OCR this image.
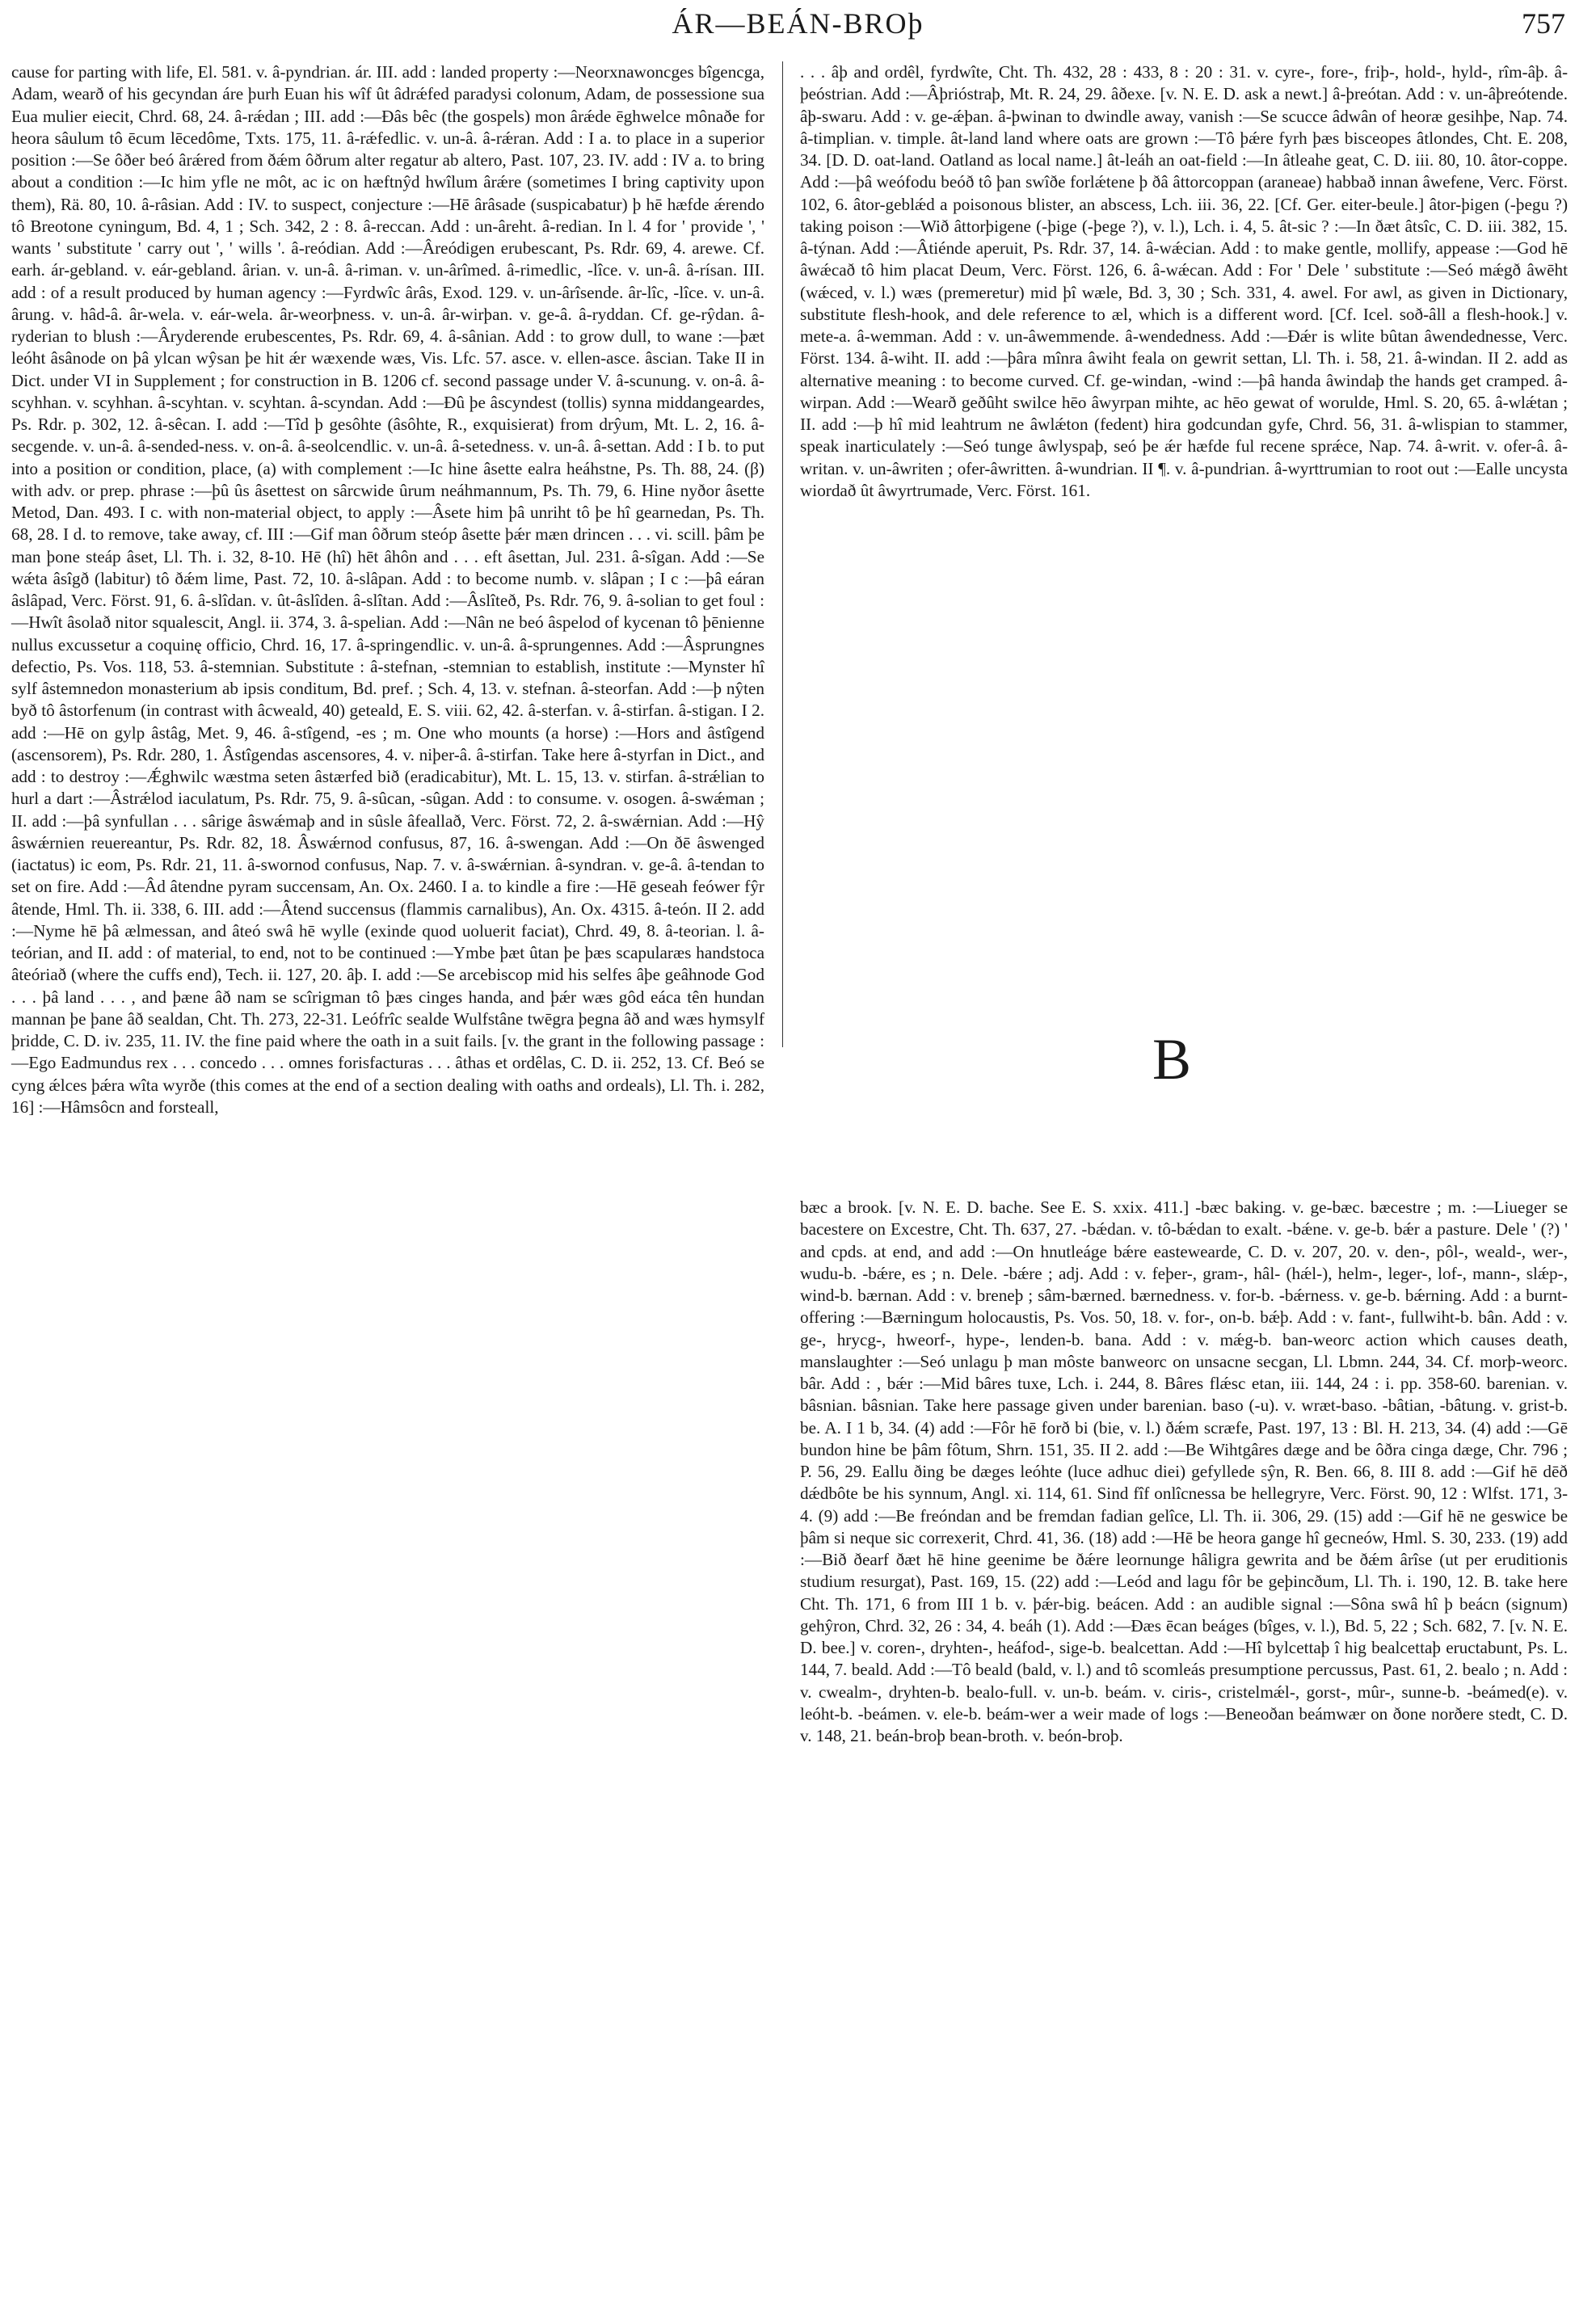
ÁR—BEÁN-BROþ	757

cause for parting with life, El. 581. v. â-pyndrian. ár. III. add : landed property :—Neorxnawoncges bîgencga, Adam, wearð of his gecyndan áre þurh Euan his wîf ût âdrǽfed paradysi colonum, Adam, de possessione sua Eua mulier eiecit, Chrd. 68, 24. â-rǽdan ; III. add :—Ðâs bêc (the gospels) mon ârǽde ēghwelce mônaðe for heora sâulum tô ēcum lēcedôme, Txts. 175, 11. â-rǽfedlic. v. un-â. â-rǽran. Add : I a. to place in a superior position :—Se ôðer beó ârǽred from ðǽm ôðrum alter regatur ab altero, Past. 107, 23. IV. add : IV a. to bring about a condition :—Ic him yfle ne môt, ac ic on hæftnŷd hwîlum ârǽre (sometimes I bring captivity upon them), Rä. 80, 10. â-râsian. Add : IV. to suspect, conjecture :—Hē ârâsade (suspicabatur) þ hē hæfde ǽrendo tô Breotone cyningum, Bd. 4, 1 ; Sch. 342, 2 : 8. â-reccan. Add : un-âreht. â-redian. In l. 4 for ' provide ', ' wants ' substitute ' carry out ', ' wills '. â-reódian. Add :—Âreódigen erubescant, Ps. Rdr. 69, 4. arewe. Cf. earh. ár-gebland. v. eár-gebland. ârian. v. un-â. â-riman. v. un-ârîmed. â-rimedlic, -lîce. v. un-â. â-rísan. III. add : of a result produced by human agency :—Fyrdwîc ârâs, Exod. 129. v. un-ârîsende. âr-lîc, -lîce. v. un-â. ârung. v. hâd-â. âr-wela. v. eár-wela. âr-weorþness. v. un-â. âr-wirþan. v. ge-â. â-ryddan. Cf. ge-rŷdan. â-ryderian to blush :—Âryderende erubescentes, Ps. Rdr. 69, 4. â-sânian. Add : to grow dull, to wane :—þæt leóht âsânode on þâ ylcan wŷsan þe hit ǽr wæxende wæs, Vis. Lfc. 57. asce. v. ellen-asce. âscian. Take II in Dict. under VI in Supplement ; for construction in B. 1206 cf. second passage under V. â-scunung. v. on-â. â-scyhhan. v. scyhhan. â-scyhtan. v. scyhtan. â-scyndan. Add :—Ðû þe âscyndest (tollis) synna middangeardes, Ps. Rdr. p. 302, 12. â-sêcan. I. add :—Tîd þ gesôhte (âsôhte, R., exquisierat) from drŷum, Mt. L. 2, 16. â-secgende. v. un-â. â-sended-ness. v. on-â. â-seolcendlic. v. un-â. â-setedness. v. un-â. â-settan. Add : I b. to put into a position or condition, place, (a) with complement :—Ic hine âsette ealra heáhstne, Ps. Th. 88, 24. (β) with adv. or prep. phrase :—þû ûs âsettest on sârcwide ûrum neáhmannum, Ps. Th. 79, 6. Hine nyðor âsette Metod, Dan. 493. I c. with non-material object, to apply :—Âsete him þâ unriht tô þe hî gearnedan, Ps. Th. 68, 28. I d. to remove, take away, cf. III :—Gif man ôðrum steóp âsette þǽr mæn drincen . . . vi. scill. þâm þe man þone steáp âset, Ll. Th. i. 32, 8-10. Hē (hî) hēt âhôn and . . . eft âsettan, Jul. 231. â-sîgan. Add :—Se wǽta âsîgð (labitur) tô ðǽm lime, Past. 72, 10. â-slâpan. Add : to become numb. v. slâpan ; I c :—þâ eáran âslâpad, Verc. Först. 91, 6. â-slîdan. v. ût-âslîden. â-slîtan. Add :—Âslîteð, Ps. Rdr. 76, 9. â-solian to get foul :—Hwît âsolað nitor squalescit, Angl. ii. 374, 3. â-spelian. Add :—Nân ne beó âspelod of kycenan tô þēnienne nullus excussetur a coquinę officio, Chrd. 16, 17. â-springendlic. v. un-â. â-sprungennes. Add :—Âsprungnes defectio, Ps. Vos. 118, 53. â-stemnian. Substitute : â-stefnan, -stemnian to establish, institute :—Mynster hî sylf âstemnedon monasterium ab ipsis conditum, Bd. pref. ; Sch. 4, 13. v. stefnan. â-steorfan. Add :—þ nŷten byð tô âstorfenum (in contrast with âcweald, 40) geteald, E. S. viii. 62, 42. â-sterfan. v. â-stirfan. â-stigan. I 2. add :—Hē on gylp âstâg, Met. 9, 46. â-stîgend, -es ; m. One who mounts (a horse) :—Hors and âstîgend (ascensorem), Ps. Rdr. 280, 1. Âstîgendas ascensores, 4. v. niþer-â. â-stirfan. Take here â-styrfan in Dict., and add : to destroy :—Ǽghwilc wæstma seten âstærfed bið (eradicabitur), Mt. L. 15, 13. v. stirfan. â-strǽlian to hurl a dart :—Âstrǽlod iaculatum, Ps. Rdr. 75, 9. â-sûcan, -sûgan. Add : to consume. v. osogen. â-swǽman ; II. add :—þâ synfullan . . . sârige âswǽmaþ and in sûsle âfeallað, Verc. Först. 72, 2. â-swǽrnian. Add :—Hŷ âswǽrnien reuereantur, Ps. Rdr. 82, 18. Âswǽrnod confusus, 87, 16. â-swengan. Add :—On ðē âswenged (iactatus) ic eom, Ps. Rdr. 21, 11. â-swornod confusus, Nap. 7. v. â-swǽrnian. â-syndran. v. ge-â. â-tendan to set on fire. Add :—Âd âtendne pyram succensam, An. Ox. 2460. I a. to kindle a fire :—Hē geseah feówer fŷr âtende, Hml. Th. ii. 338, 6. III. add :—Âtend succensus (flammis carnalibus), An. Ox. 4315. â-teón. II 2. add :—Nyme hē þâ ælmessan, and âteó swâ hē wylle (exinde quod uoluerit faciat), Chrd. 49, 8. â-teorian. l. â-teórian, and II. add : of material, to end, not to be continued :—Ymbe þæt ûtan þe þæs scapularæs handstoca âteóriað (where the cuffs end), Tech. ii. 127, 20. âþ. I. add :—Se arcebiscop mid his selfes âþe geâhnode God . . . þâ land . . . , and þæne âð nam se scîrigman tô þæs cinges handa, and þǽr wæs gôd eáca tên hundan mannan þe þane âð sealdan, Cht. Th. 273, 22-31. Leófrîc sealde Wulfstâne twēgra þegna âð and wæs hymsylf þridde, C. D. iv. 235, 11. IV. the fine paid where the oath in a suit fails. [v. the grant in the following passage :—Ego Eadmundus rex . . . concedo . . . omnes forisfacturas . . . âthas et ordêlas, C. D. ii. 252, 13. Cf. Beó se cyng ǽlces þǽra wîta wyrðe (this comes at the end of a section dealing with oaths and ordeals), Ll. Th. i. 282, 16] :—Hâmsôcn and forsteall,

. . . âþ and ordêl, fyrdwîte, Cht. Th. 432, 28 : 433, 8 : 20 : 31. v. cyre-, fore-, friþ-, hold-, hyld-, rîm-âþ. â-þeóstrian. Add :—Âþrióstraþ, Mt. R. 24, 29. âðexe. [v. N. E. D. ask a newt.] â-þreótan. Add : v. un-âþreótende. âþ-swaru. Add : v. ge-ǽþan. â-þwinan to dwindle away, vanish :—Se scucce âdwân of heoræ gesihþe, Nap. 74. â-timplian. v. timple. ât-land land where oats are grown :—Tô þǽre fyrh þæs bisceopes âtlondes, Cht. E. 208, 34. [D. D. oat-land. Oatland as local name.] ât-leáh an oat-field :—In âtleahe geat, C. D. iii. 80, 10. âtor-coppe. Add :—þâ weófodu beóð tô þan swîðe forlǽtene þ ðâ âttorcoppan (araneae) habbað innan âwefene, Verc. Först. 102, 6. âtor-geblǽd a poisonous blister, an abscess, Lch. iii. 36, 22. [Cf. Ger. eiter-beule.] âtor-þigen (-þegu ?) taking poison :—Wið âttorþigene (-þige (-þege ?), v. l.), Lch. i. 4, 5. ât-sic ? :—In ðæt âtsîc, C. D. iii. 382, 15. â-týnan. Add :—Âtiénde aperuit, Ps. Rdr. 37, 14. â-wǽcian. Add : to make gentle, mollify, appease :—God hē âwǽcað tô him placat Deum, Verc. Först. 126, 6. â-wǽcan. Add : For ' Dele ' substitute :—Seó mǽgð âwēht (wǽced, v. l.) wæs (premeretur) mid þî wæle, Bd. 3, 30 ; Sch. 331, 4. awel. For awl, as given in Dictionary, substitute flesh-hook, and dele reference to æl, which is a different word. [Cf. Icel. soð-âll a flesh-hook.] v. mete-a. â-wemman. Add : v. un-âwemmende. â-wendedness. Add :—Ðǽr is wlite bûtan âwendednesse, Verc. Först. 134. â-wiht. II. add :—þâra mînra âwiht feala on gewrit settan, Ll. Th. i. 58, 21. â-windan. II 2. add as alternative meaning : to become curved. Cf. ge-windan, -wind :—þâ handa âwindaþ the hands get cramped. â-wirpan. Add :—Wearð geðûht swilce hēo âwyrpan mihte, ac hēo gewat of worulde, Hml. S. 20, 65. â-wlǽtan ; II. add :—þ hî mid leahtrum ne âwlǽton (fedent) hira godcundan gyfe, Chrd. 56, 31. â-wlispian to stammer, speak inarticulately :—Seó tunge âwlyspaþ, seó þe ǽr hæfde ful recene sprǽce, Nap. 74. â-writ. v. ofer-â. â-writan. v. un-âwriten ; ofer-âwritten. â-wundrian. II ¶. v. â-pundrian. â-wyrttrumian to root out :—Ealle uncysta wiordað ût âwyrtrumade, Verc. Först. 161.

B

bæc a brook. [v. N. E. D. bache. See E. S. xxix. 411.] -bæc baking. v. ge-bæc. bæcestre ; m. :—Liueger se bacestere on Excestre, Cht. Th. 637, 27. -bǽdan. v. tô-bǽdan to exalt. -bǽne. v. ge-b. bǽr a pasture. Dele ' (?) ' and cpds. at end, and add :—On hnutleáge bǽre eastewearde, C. D. v. 207, 20. v. den-, pôl-, weald-, wer-, wudu-b. -bǽre, es ; n. Dele. -bǽre ; adj. Add : v. feþer-, gram-, hâl- (hǽl-), helm-, leger-, lof-, mann-, slǽp-, wind-b. bærnan. Add : v. breneþ ; sâm-bærned. bærnedness. v. for-b. -bǽrness. v. ge-b. bǽrning. Add : a burnt-offering :—Bærningum holocaustis, Ps. Vos. 50, 18. v. for-, on-b. bǽþ. Add : v. fant-, fullwiht-b. bân. Add : v. ge-, hrycg-, hweorf-, hype-, lenden-b. bana. Add : v. mǽg-b. ban-weorc action which causes death, manslaughter :—Seó unlagu þ man môste banweorc on unsacne secgan, Ll. Lbmn. 244, 34. Cf. morþ-weorc. bâr. Add : , bǽr :—Mid bâres tuxe, Lch. i. 244, 8. Bâres flǽsc etan, iii. 144, 24 : i. pp. 358-60. barenian. v. bâsnian. bâsnian. Take here passage given under barenian. baso (-u). v. wræt-baso. -bâtian, -bâtung. v. grist-b. be. A. I 1 b, 34. (4) add :—Fôr hē forð bi (bie, v. l.) ðǽm scræfe, Past. 197, 13 : Bl. H. 213, 34. (4) add :—Gē bundon hine be þâm fôtum, Shrn. 151, 35. II 2. add :—Be Wihtgâres dæge and be ôðra cinga dæge, Chr. 796 ; P. 56, 29. Eallu ðing be dæges leóhte (luce adhuc diei) gefyllede sŷn, R. Ben. 66, 8. III 8. add :—Gif hē dēð dǽdbôte be his synnum, Angl. xi. 114, 61. Sind fîf onlîcnessa be hellegryre, Verc. Först. 90, 12 : Wlfst. 171, 3-4. (9) add :—Be freóndan and be fremdan fadian gelîce, Ll. Th. ii. 306, 29. (15) add :—Gif hē ne geswice be þâm si neque sic correxerit, Chrd. 41, 36. (18) add :—Hē be heora gange hî gecneów, Hml. S. 30, 233. (19) add :—Bið ðearf ðæt hē hine geenime be ðǽre leornunge hâligra gewrita and be ðǽm ârîse (ut per eruditionis studium resurgat), Past. 169, 15. (22) add :—Leód and lagu fôr be geþincðum, Ll. Th. i. 190, 12. B. take here Cht. Th. 171, 6 from III 1 b. v. þǽr-big. beácen. Add : an audible signal :—Sôna swâ hî þ beácn (signum) gehŷron, Chrd. 32, 26 : 34, 4. beáh (1). Add :—Ðæs ēcan beáges (bîges, v. l.), Bd. 5, 22 ; Sch. 682, 7. [v. N. E. D. bee.] v. coren-, dryhten-, heáfod-, sige-b. bealcettan. Add :—Hî bylcettaþ î hig bealcettaþ eructabunt, Ps. L. 144, 7. beald. Add :—Tô beald (bald, v. l.) and tô scomleás presumptione percussus, Past. 61, 2. bealo ; n. Add : v. cwealm-, dryhten-b. bealo-full. v. un-b. beám. v. ciris-, cristelmǽl-, gorst-, mûr-, sunne-b. -beámed(e). v. leóht-b. -beámen. v. ele-b. beám-wer a weir made of logs :—Beneoðan beámwær on ðone norðere stedt, C. D. v. 148, 21. beán-broþ bean-broth. v. beón-broþ.
